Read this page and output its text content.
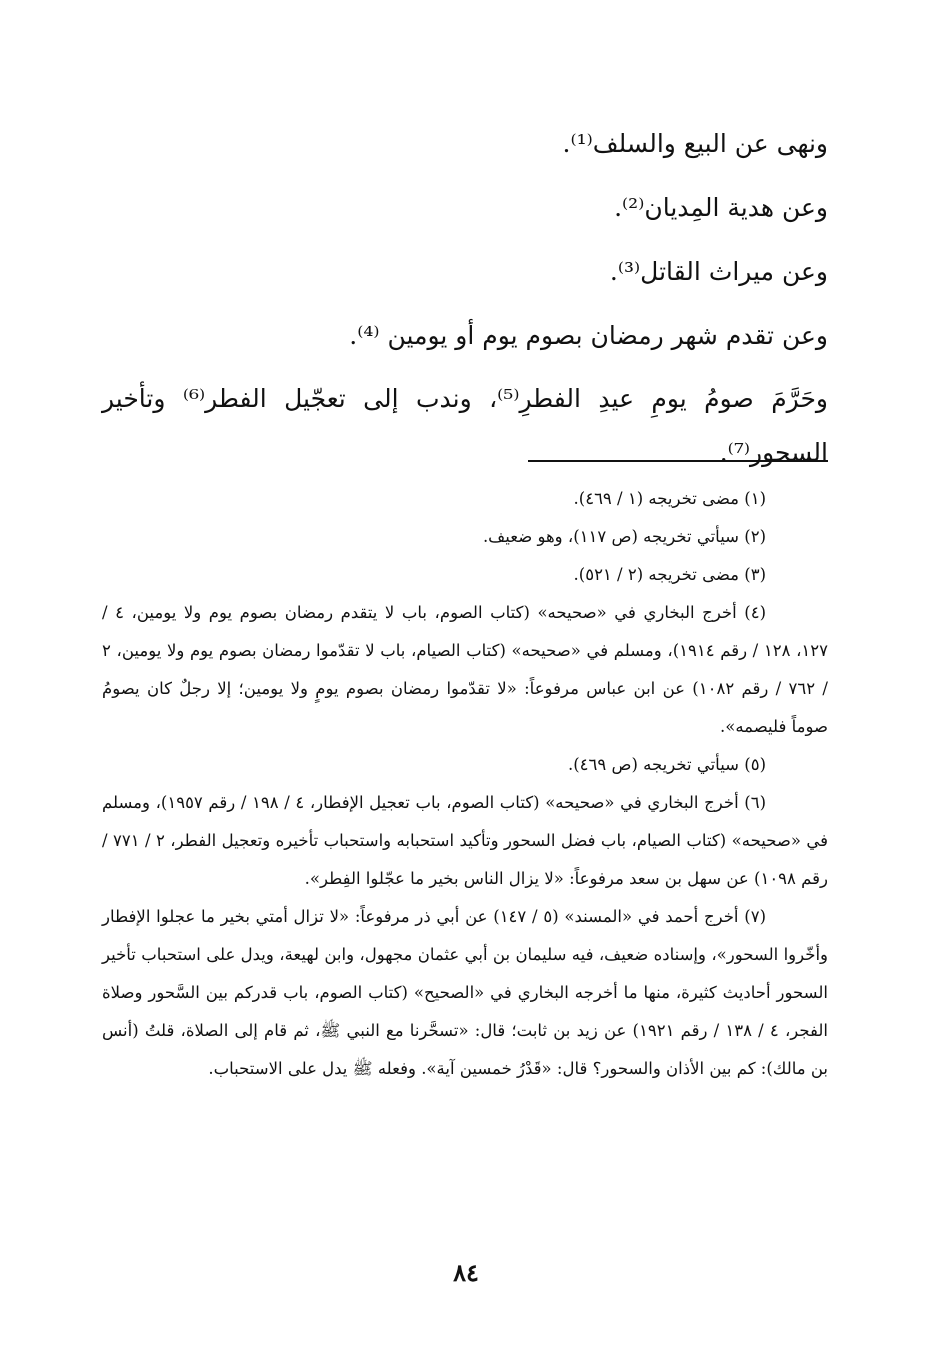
ونهى عن البيع والسلف⁽¹⁾.

وعن هدية المِديان⁽²⁾.

وعن ميراث القاتل⁽³⁾.

وعن تقدم شهر رمضان بصوم يوم أو يومين ⁽⁴⁾.

وحَرَّمَ صومُ يومِ عيدِ الفطرِ⁽⁵⁾، وندب إلى تعجّيل الفطر⁽⁶⁾ وتأخير السحور⁽⁷⁾.

(١) مضى تخريجه (١ / ٤٦٩).

(٢) سيأتي تخريجه (ص ١١٧)، وهو ضعيف.

(٣) مضى تخريجه (٢ / ٥٢١).

(٤) أخرج البخاري في «صحيحه» (كتاب الصوم، باب لا يتقدم رمضان بصوم يوم ولا يومين، ٤ / ١٢٧، ١٢٨ / رقم ١٩١٤)، ومسلم في «صحيحه» (كتاب الصيام، باب لا تقدّموا رمضان بصوم يوم ولا يومين، ٢ / ٧٦٢ / رقم ١٠٨٢) عن ابن عباس مرفوعاً: «لا تقدّموا رمضان بصوم يومٍ ولا يومين؛ إلا رجلٌ كان يصومُ صوماً فليصمه».

(٥) سيأتي تخريجه (ص ٤٦٩).

(٦) أخرج البخاري في «صحيحه» (كتاب الصوم، باب تعجيل الإفطار، ٤ / ١٩٨ / رقم ١٩٥٧)، ومسلم في «صحيحه» (كتاب الصيام، باب فضل السحور وتأكيد استحبابه واستحباب تأخيره وتعجيل الفطر، ٢ / ٧٧١ / رقم ١٠٩٨) عن سهل بن سعد مرفوعاً: «لا يزال الناس بخير ما عجّلوا الفِطر».

(٧) أخرج أحمد في «المسند» (٥ / ١٤٧) عن أبي ذر مرفوعاً: «لا تزال أمتي بخير ما عجلوا الإفطار وأخّروا السحور»، وإسناده ضعيف، فيه سليمان بن أبي عثمان مجهول، وابن لهيعة، ويدل على استحباب تأخير السحور أحاديث كثيرة، منها ما أخرجه البخاري في «الصحيح» (كتاب الصوم، باب قدركم بين السَّحور وصلاة الفجر، ٤ / ١٣٨ / رقم ١٩٢١) عن زيد بن ثابت؛ قال: «تسحَّرنا مع النبي ﷺ، ثم قام إلى الصلاة، قلتُ (أنس بن مالك): كم بين الأذان والسحور؟ قال: «قَدْرُ خمسين آية». وفعله ﷺ يدل على الاستحباب.

٨٤
